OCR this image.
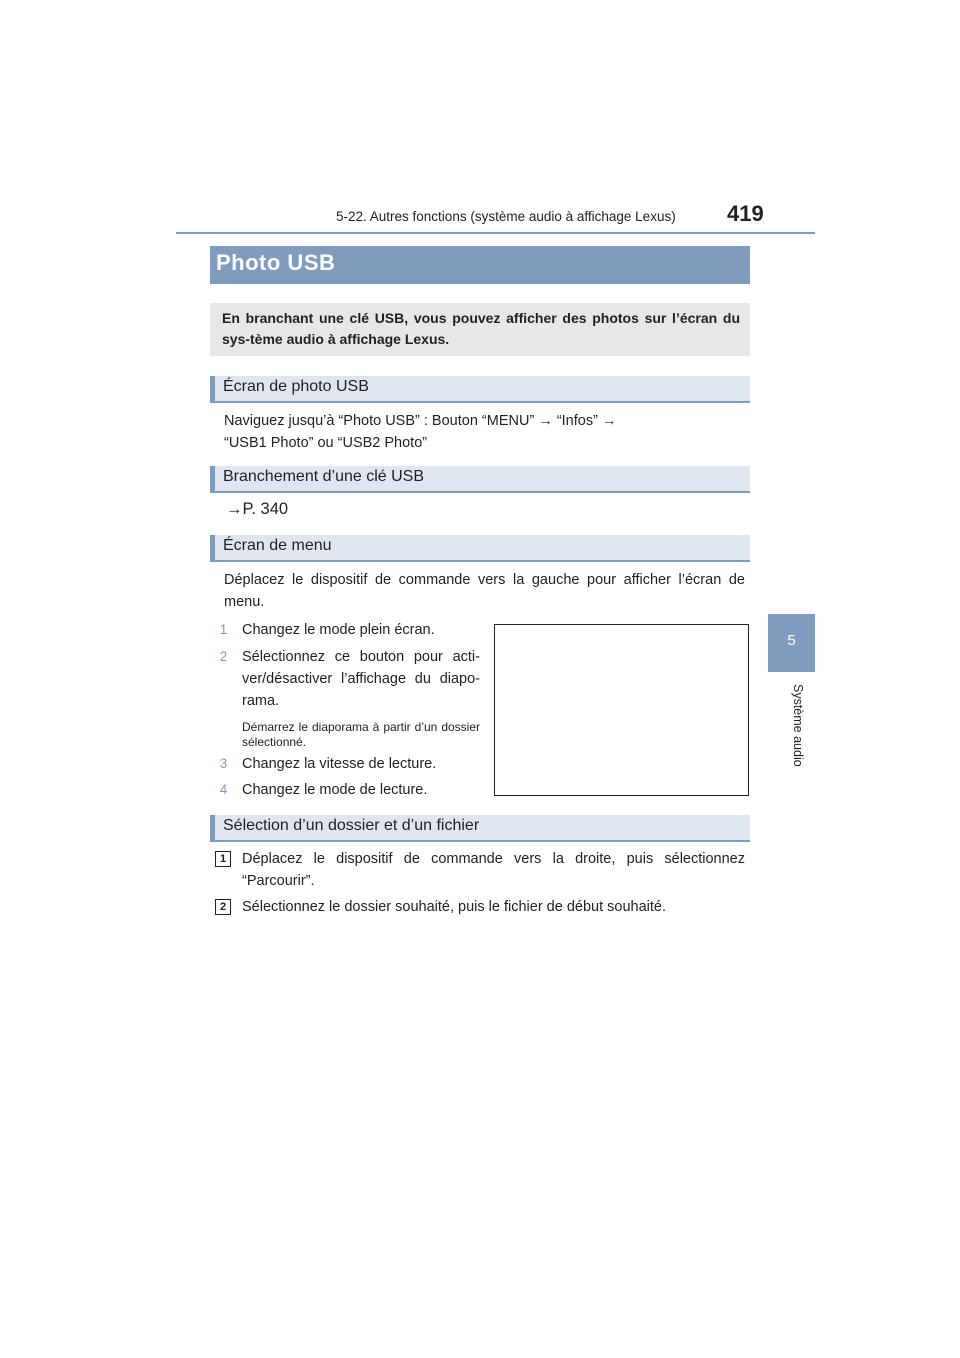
5-22. Autres fonctions (système audio à affichage Lexus) 419
5
Système audio
Photo USB
En branchant une clé USB, vous pouvez afficher des photos sur l’écran du sys-tème audio à affichage Lexus.
Écran de photo USB
Naviguez jusqu’à “Photo USB” : Bouton “MENU” → “Infos” →
“USB1 Photo” ou “USB2 Photo”
Branchement d’une clé USB
→P. 340
Écran de menu
Déplacez le dispositif de commande vers la gauche pour afficher l’écran de menu.
1 Changez le mode plein écran.
2 Sélectionnez ce bouton pour acti-ver/désactiver l’affichage du diapo-rama.
Démarrez le diaporama à partir d’un dossier sélectionné.
3 Changez la vitesse de lecture.
4 Changez le mode de lecture.
Sélection d’un dossier et d’un fichier
1	Déplacez le dispositif de commande vers la droite, puis sélectionnez “Parcourir”.
2	Sélectionnez le dossier souhaité, puis le fichier de début souhaité.
